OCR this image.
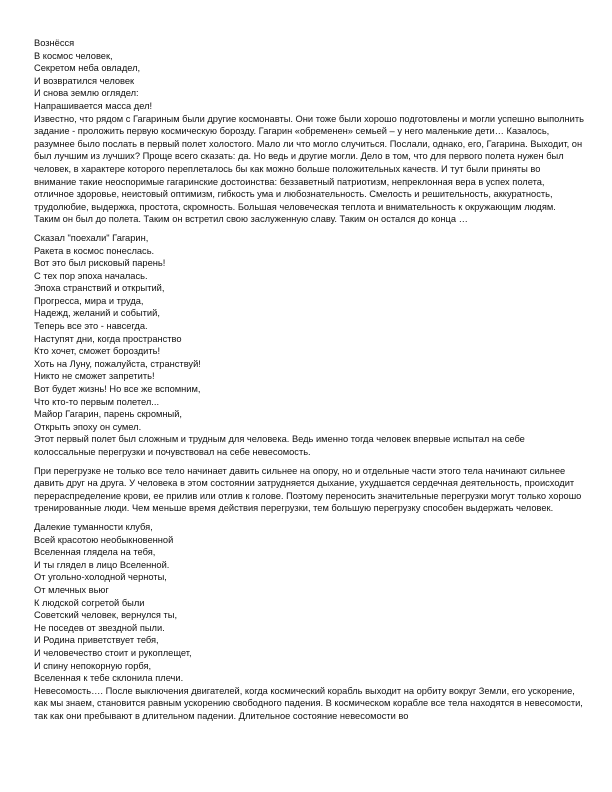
Вознёсся
В космос человек,
Секретом неба овладел,
И возвратился человек
И снова землю оглядел:
Напрашивается масса дел!
Известно, что рядом с Гагариным были другие космонавты. Они тоже были хорошо подготовлены и могли успешно выполнить задание - проложить первую космическую борозду. Гагарин «обременен» семьей – у него маленькие дети… Казалось, разумнее было послать в первый полет холостого. Мало ли что могло случиться. Послали, однако, его, Гагарина. Выходит, он был лучшим из лучших? Проще всего сказать: да. Но ведь и другие могли. Дело в том, что для первого полета нужен был человек, в характере которого переплеталось бы как можно больше положительных качеств. И тут были приняты во внимание такие неоспоримые гагаринские достоинства: беззаветный патриотизм, непреклонная вера в успех полета, отличное здоровье, неистовый оптимизм, гибкость ума и любознательность. Смелость и решительность, аккуратность, трудолюбие, выдержка, простота, скромность. Большая человеческая теплота и внимательность к окружающим людям. Таким он был до полета. Таким он встретил свою заслуженную славу. Таким он остался до конца …
Сказал "поехали" Гагарин,
Ракета в космос понеслась.
Вот это был рисковый парень!
С тех пор эпоха началась.
Эпоха странствий и открытий,
Прогресса, мира и труда,
Надежд, желаний и событий,
Теперь все это - навсегда.
Наступят дни, когда пространство
Кто хочет, сможет бороздить!
Хоть на Луну, пожалуйста, странствуй!
Никто не сможет запретить!
Вот будет жизнь! Но все же вспомним,
Что кто-то первым полетел...
Майор Гагарин, парень скромный,
Открыть эпоху он сумел.
Этот первый полет был сложным и трудным для человека. Ведь именно тогда человек впервые испытал на себе колоссальные перегрузки и почувствовал на себе невесомость.
При перегрузке не только все тело начинает давить сильнее на опору, но и отдельные части этого тела начинают сильнее давить друг на друга. У человека в этом состоянии затрудняется дыхание, ухудшается сердечная деятельность, происходит перераспределение крови, ее прилив или отлив к голове. Поэтому переносить значительные перегрузки могут только хорошо тренированные люди. Чем меньше время действия перегрузки, тем большую перегрузку способен выдержать человек.
Далекие туманности клубя,
Всей красотою необыкновенной
Вселенная глядела на тебя,
И ты глядел в лицо Вселенной.
От угольно-холодной черноты,
От млечных вьюг
К людской согретой были
Советский человек, вернулся ты,
Не поседев от звездной пыли.
И Родина приветствует тебя,
И человечество стоит и рукоплещет,
И спину непокорную горбя,
Вселенная к тебе склонила плечи.
Невесомость…. После выключения двигателей, когда космический корабль выходит на орбиту вокруг Земли, его ускорение, как мы знаем, становится равным ускорению свободного падения. В космическом корабле все тела находятся в невесомости, так как они пребывают в длительном падении. Длительное состояние невесомости во
